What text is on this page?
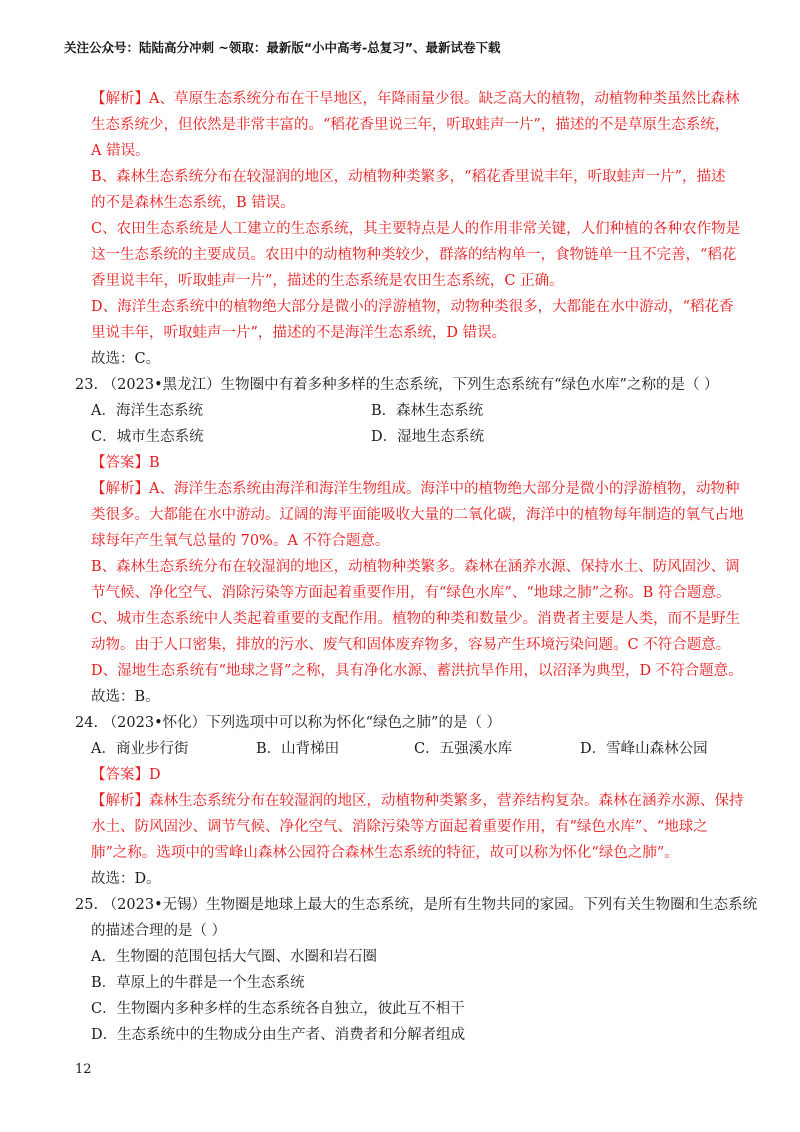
关注公众号：陆陆高分冲刺 ~领取：最新版“小中高考-总复习”、最新试卷下载
【解析】A、草原生态系统分布在干旱地区，年降雨量少很。缺乏高大的植物，动植物种类虽然比森林
生态系统少，但依然是非常丰富的。“稻花香里说三年，听取蛙声一片”，描述的不是草原生态系统，
A 错误。
B、森林生态系统分布在较湿润的地区，动植物种类繁多，“稻花香里说丰年，听取蛙声一片”，描述
的不是森林生态系统，B 错误。
C、农田生态系统是人工建立的生态系统，其主要特点是人的作用非常关键，人们种植的各种农作物是
这一生态系统的主要成员。农田中的动植物种类较少，群落的结构单一，食物链单一且不完善，“稻花
香里说丰年，听取蛙声一片”，描述的生态系统是农田生态系统，C 正确。
D、海洋生态系统中的植物绝大部分是微小的浮游植物，动物种类很多，大都能在水中游动，“稻花香
里说丰年，听取蛙声一片”，描述的不是海洋生态系统，D 错误。
故选：C。
23. （2023•黑龙江）生物圈中有着多种多样的生态系统，下列生态系统有“绿色水库”之称的是（ ）
A．海洋生态系统	B．森林生态系统
C．城市生态系统	D．湿地生态系统
【答案】B
【解析】A、海洋生态系统由海洋和海洋生物组成。海洋中的植物绝大部分是微小的浮游植物，动物种
类很多。大都能在水中游动。辽阔的海平面能吸收大量的二氧化碳，海洋中的植物每年制造的氧气占地
球每年产生氧气总量的 70%。A 不符合题意。
B、森林生态系统分布在较湿润的地区，动植物种类繁多。森林在涵养水源、保持水土、防风固沙、调
节气候、净化空气、消除污染等方面起着重要作用，有“绿色水库”、“地球之肺”之称。B 符合题意。
C、城市生态系统中人类起着重要的支配作用。植物的种类和数量少。消费者主要是人类，而不是野生
动物。由于人口密集，排放的污水、废气和固体废弃物多，容易产生环境污染问题。C 不符合题意。
D、湿地生态系统有“地球之肾”之称，具有净化水源、蓄洪抗旱作用，以沼泽为典型，D 不符合题意。
故选：B。
24. （2023•怀化）下列选项中可以称为怀化“绿色之肺”的是（ ）
A．商业步行街	B．山背梯田	C．五强溪水库	D．雪峰山森林公园
【答案】D
【解析】森林生态系统分布在较湿润的地区，动植物种类繁多，营养结构复杂。森林在涵养水源、保持
水土、防风固沙、调节气候、净化空气、消除污染等方面起着重要作用，有“绿色水库”、“地球之
肺”之称。选项中的雪峰山森林公园符合森林生态系统的特征，故可以称为怀化“绿色之肺”。
故选：D。
25. （2023•无锡）生物圈是地球上最大的生态系统，是所有生物共同的家园。下列有关生物圈和生态系统
的描述合理的是（ ）
A．生物圈的范围包括大气圈、水圈和岩石圈
B．草原上的牛群是一个生态系统
C．生物圈内多种多样的生态系统各自独立，彼此互不相干
D．生态系统中的生物成分由生产者、消费者和分解者组成
12
